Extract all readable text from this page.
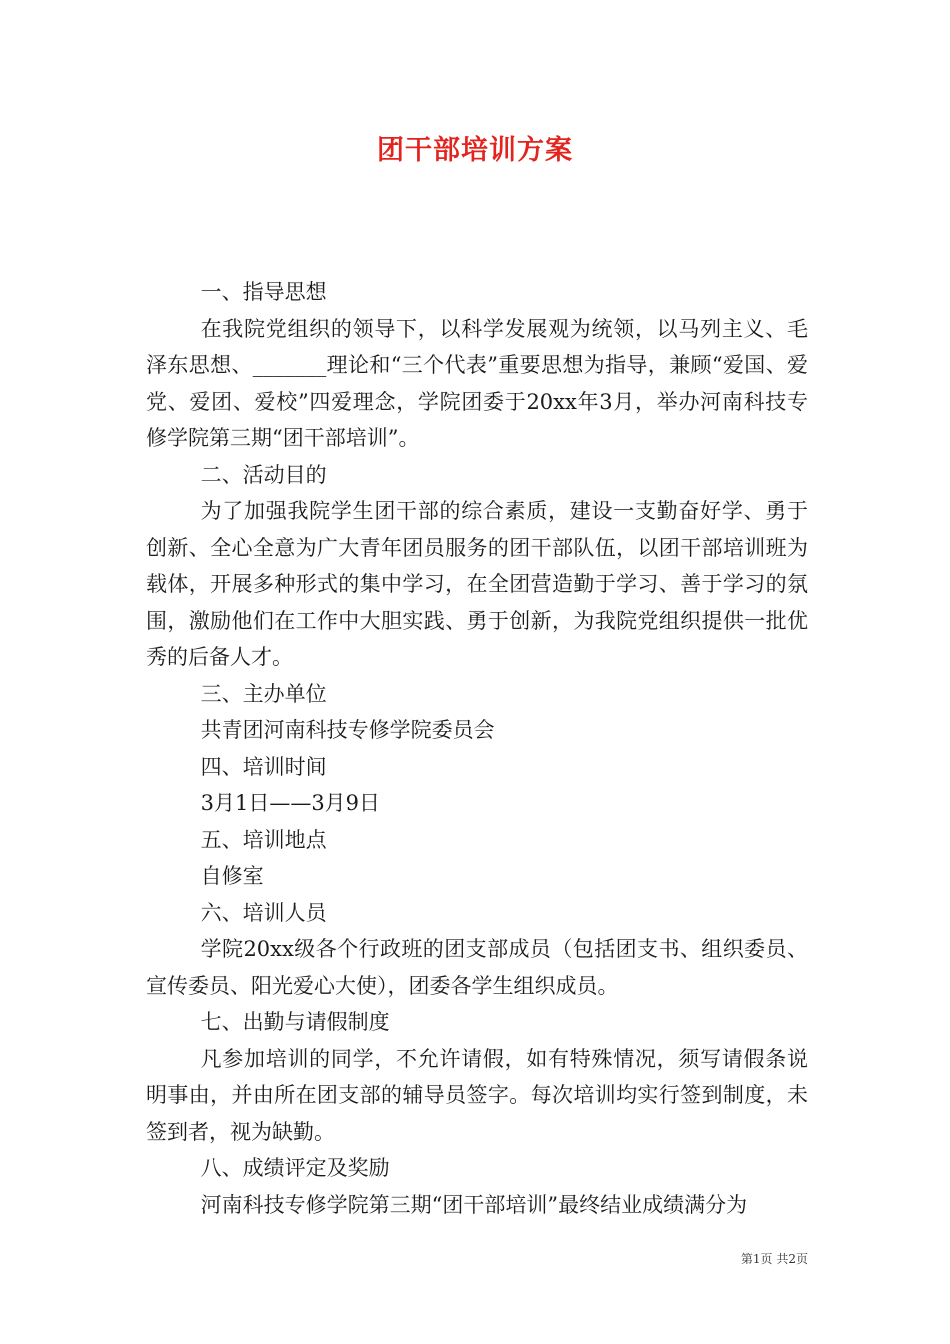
团干部培训方案

一、指导思想

在我院党组织的领导下，以科学发展观为统领，以马列主义、毛泽东思想、_______理论和“三个代表”重要思想为指导，兼顾“爱国、爱党、爱团、爱校”四爱理念，学院团委于20xx年3月，举办河南科技专修学院第三期“团干部培训”。

二、活动目的

为了加强我院学生团干部的综合素质，建设一支勤奋好学、勇于创新、全心全意为广大青年团员服务的团干部队伍，以团干部培训班为载体，开展多种形式的集中学习，在全团营造勤于学习、善于学习的氛围，激励他们在工作中大胆实践、勇于创新，为我院党组织提供一批优秀的后备人才。

三、主办单位

共青团河南科技专修学院委员会

四、培训时间

3月1日——3月9日

五、培训地点

自修室

六、培训人员

学院20xx级各个行政班的团支部成员（包括团支书、组织委员、宣传委员、阳光爱心大使），团委各学生组织成员。

七、出勤与请假制度

凡参加培训的同学，不允许请假，如有特殊情况，须写请假条说明事由，并由所在团支部的辅导员签字。每次培训均实行签到制度，未签到者，视为缺勤。

八、成绩评定及奖励

河南科技专修学院第三期“团干部培训”最终结业成绩满分为

第1页 共2页
